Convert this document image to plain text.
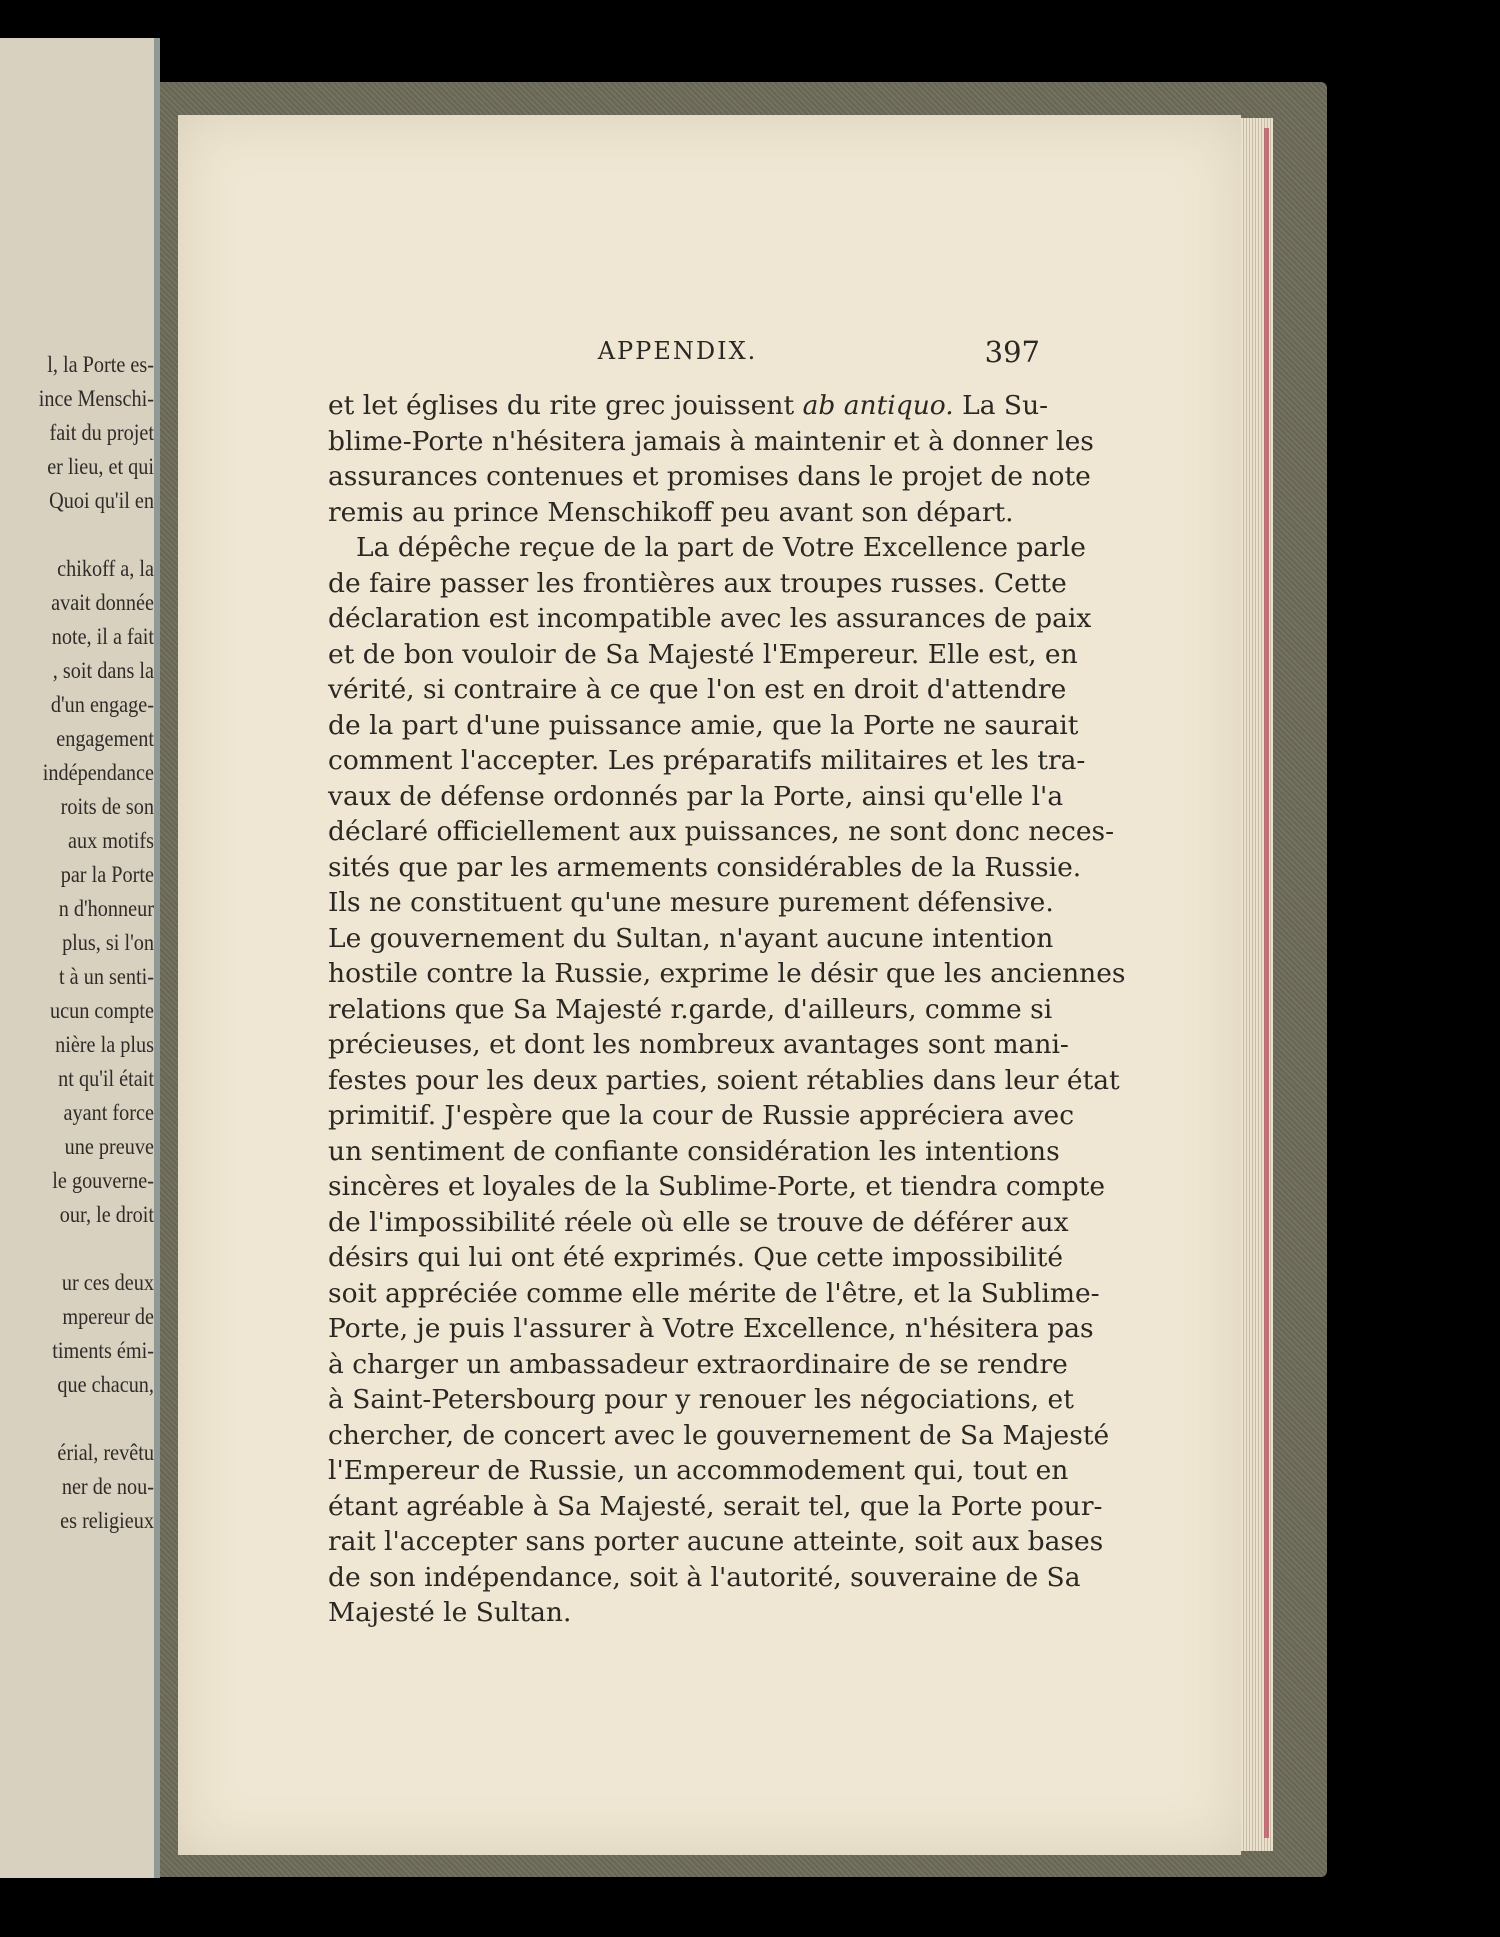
l, la Porte es-
ince Menschi-
fait du projet
er lieu, et qui
Quoi qu'il en
chikoff a, la
avait donnée
note, il a fait
, soit dans la
d'un engage-
engagement
indépendance
roits de son
aux motifs
par la Porte
n d'honneur
plus, si l'on
t à un senti-
ucun compte
nière la plus
nt qu'il était
ayant force
une preuve
le gouverne-
our, le droit
ur ces deux
mpereur de
timents émi-
que chacun,
érial, revêtu
ner de nou-
es religieux
APPENDIX.	397
et let églises du rite grec jouissent ab antiquo. La Su-
blime-Porte n'hésitera jamais à maintenir et à donner les
assurances contenues et promises dans le projet de note
remis au prince Menschikoff peu avant son départ.
La dépêche reçue de la part de Votre Excellence parle
de faire passer les frontières aux troupes russes. Cette
déclaration est incompatible avec les assurances de paix
et de bon vouloir de Sa Majesté l'Empereur. Elle est, en
vérité, si contraire à ce que l'on est en droit d'attendre
de la part d'une puissance amie, que la Porte ne saurait
comment l'accepter. Les préparatifs militaires et les tra-
vaux de défense ordonnés par la Porte, ainsi qu'elle l'a
déclaré officiellement aux puissances, ne sont donc neces-
sités que par les armements considérables de la Russie.
Ils ne constituent qu'une mesure purement défensive.
Le gouvernement du Sultan, n'ayant aucune intention
hostile contre la Russie, exprime le désir que les anciennes
relations que Sa Majesté r.garde, d'ailleurs, comme si
précieuses, et dont les nombreux avantages sont mani-
festes pour les deux parties, soient rétablies dans leur état
primitif. J'espère que la cour de Russie appréciera avec
un sentiment de confiante considération les intentions
sincères et loyales de la Sublime-Porte, et tiendra compte
de l'impossibilité réele où elle se trouve de déférer aux
désirs qui lui ont été exprimés. Que cette impossibilité
soit appréciée comme elle mérite de l'être, et la Sublime-
Porte, je puis l'assurer à Votre Excellence, n'hésitera pas
à charger un ambassadeur extraordinaire de se rendre
à Saint-Petersbourg pour y renouer les négociations, et
chercher, de concert avec le gouvernement de Sa Majesté
l'Empereur de Russie, un accommodement qui, tout en
étant agréable à Sa Majesté, serait tel, que la Porte pour-
rait l'accepter sans porter aucune atteinte, soit aux bases
de son indépendance, soit à l'autorité, souveraine de Sa
Majesté le Sultan.
